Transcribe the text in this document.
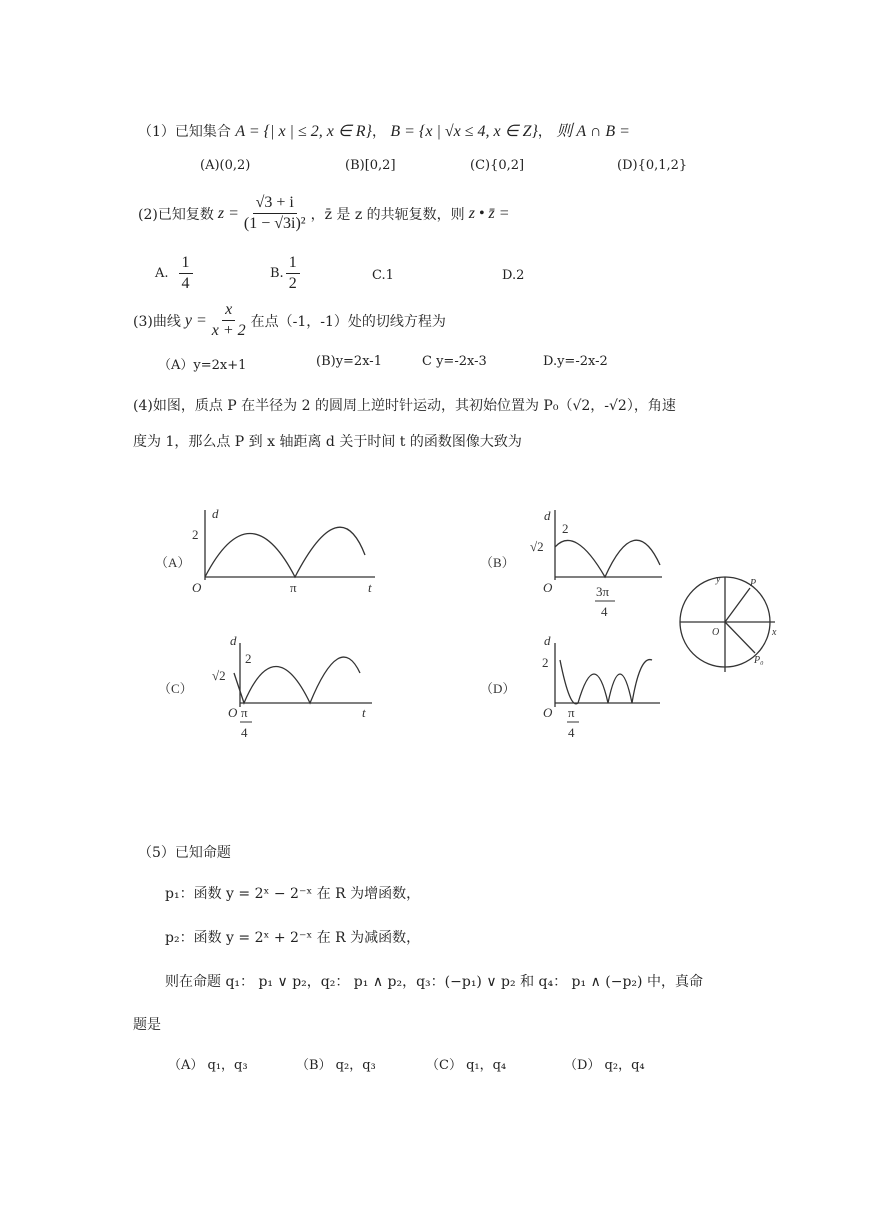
（1）已知集合 A = {| x | ≤ 2, x ∈ R}， B = {x | √x ≤ 4, x ∈ Z}， 则 A ∩ B =
(A)(0,2)	(B)[0,2]	(C){0,2]	(D){0,1,2}
(2)已知复数 $z = \frac{√3 + i}{\text{(1 − √3i)²}}$ ，z̄ 是 z 的共轭复数，则 z • z̄ =
A. $\frac{1}{4}$	B. $\frac{1}{2}$	C.1	D.2
(3)曲线 $y = \frac{x}{x + 2}$ 在点（-1，-1）处的切线方程为
（A）y=2x+1	(B)y=2x-1	C y=-2x-3	D.y=-2x-2
(4)如图，质点 P 在半径为 2 的圆周上逆时针运动，其初始位置为 P₀（√2，-√2），角速
度为 1，那么点 P 到 x 轴距离 d 关于时间 t 的函数图像大致为
（A）
d
2
O	π	t
（B）
d
2
√2
O	3π
4
（C）
d
2
√2
O π
4
t
（D）
d
2
O π
4
y
x
O
P
P₀
（5）已知命题
p₁：函数 y = 2ˣ − 2⁻ˣ 在 R 为增函数，
p₂：函数 y = 2ˣ + 2⁻ˣ 在 R 为减函数，
则在命题 q₁： p₁ ∨ p₂，q₂： p₁ ∧ p₂，q₃：(−p₁) ∨ p₂ 和 q₄： p₁ ∧ (−p₂) 中，真命
题是
（A） q₁，q₃	（B） q₂，q₃	（C） q₁，q₄	（D） q₂，q₄
